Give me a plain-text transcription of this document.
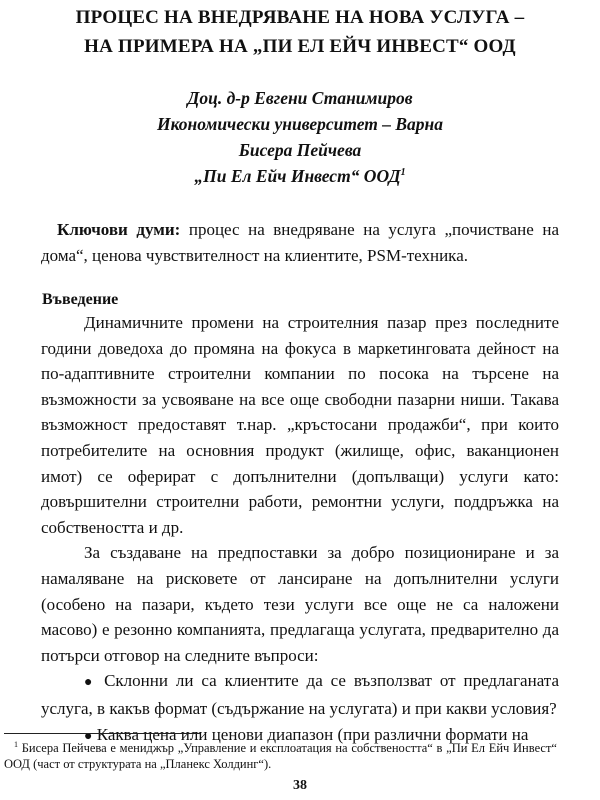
ПРОЦЕС НА ВНЕДРЯВАНЕ НА НОВА УСЛУГА –
НА ПРИМЕРА НА „ПИ ЕЛ ЕЙЧ ИНВЕСТ“ ООД
Доц. д-р Евгени Станимиров
Икономически университет – Варна
Бисера Пейчева
„Пи Ел Ейч Инвест“ ООД$^1$

Ключови думи: процес на внедряване на услуга „почистване на дома“, ценова чувствителност на клиентите, PSM-техника.

Въведение

Динамичните промени на строителния пазар през последните години доведоха до промяна на фокуса в маркетинговата дейност на по-адаптивните строителни компании по посока на търсене на възможности за усвояване на все още свободни пазарни ниши. Такава възможност предоставят т.нар. „кръстосани продажби“, при които потребителите на основния продукт (жилище, офис, ваканционен имот) се оферират с допълнителни (допълващи) услуги като: довършителни строителни работи, ремонтни услуги, поддръжка на собствеността и др.

За създаване на предпоставки за добро позициониране и за намаляване на рисковете от лансиране на допълнителни услуги (особено на пазари, където тези услуги все още не са наложени масово) е резонно компанията, предлагаща услугата, предварително да потърси отговор на следните въпроси:

● Склонни ли са клиентите да се възползват от предлаганата услуга, в какъв формат (съдържание на услугата) и при какви условия?

● Каква цена или ценови диапазон (при различни формати на

$^1$ Бисера Пейчева е мениджър „Управление и експлоатация на собствеността“ в „Пи Ел Ейч Инвест“ ООД (част от структурата на „Планекс Холдинг“).
38
